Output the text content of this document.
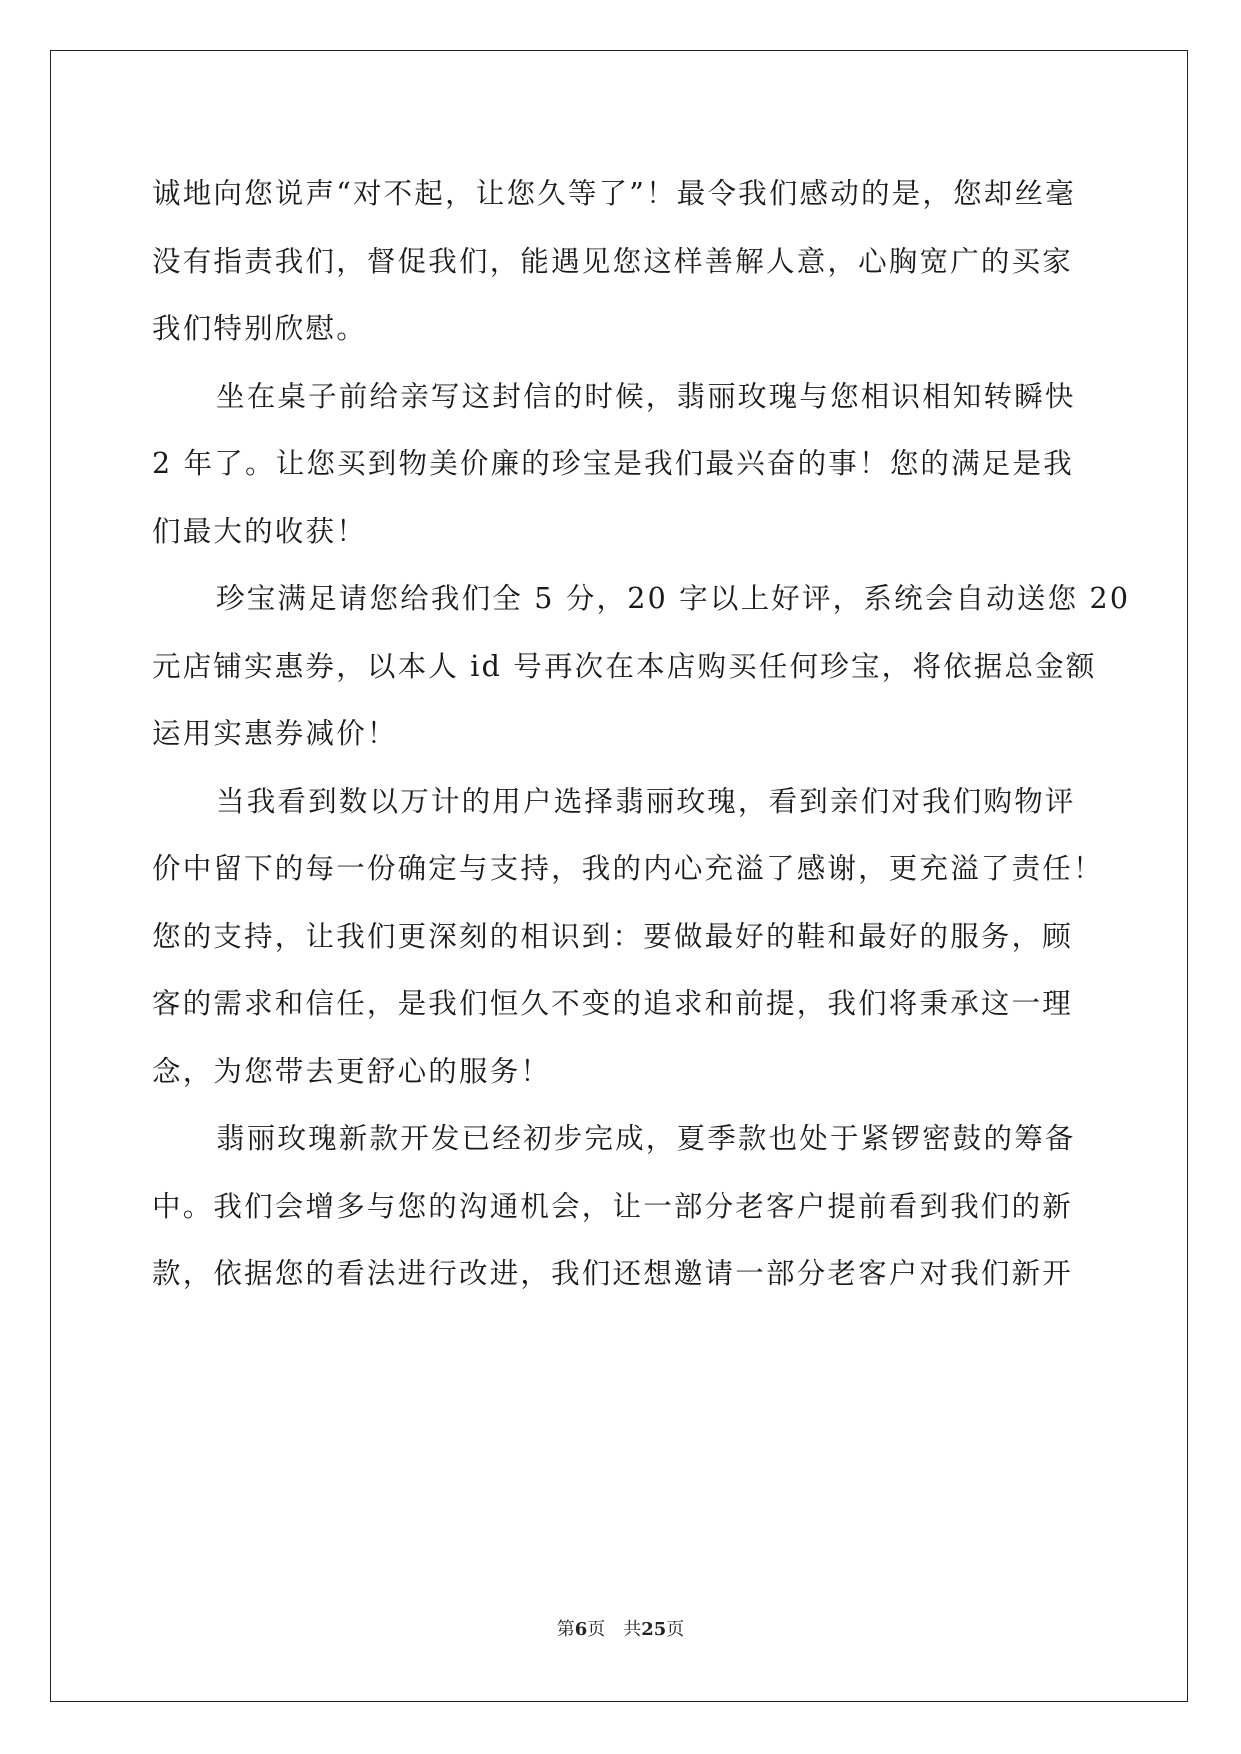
诚地向您说声“对不起，让您久等了”！最令我们感动的是，您却丝毫
没有指责我们，督促我们，能遇见您这样善解人意，心胸宽广的买家
我们特别欣慰。
坐在桌子前给亲写这封信的时候，翡丽玫瑰与您相识相知转瞬快
2 年了。让您买到物美价廉的珍宝是我们最兴奋的事！您的满足是我
们最大的收获！
珍宝满足请您给我们全 5 分，20 字以上好评，系统会自动送您 20
元店铺实惠券，以本人 id 号再次在本店购买任何珍宝，将依据总金额
运用实惠券减价！
当我看到数以万计的用户选择翡丽玫瑰，看到亲们对我们购物评
价中留下的每一份确定与支持，我的内心充溢了感谢，更充溢了责任！
您的支持，让我们更深刻的相识到：要做最好的鞋和最好的服务，顾
客的需求和信任，是我们恒久不变的追求和前提，我们将秉承这一理
念，为您带去更舒心的服务！
翡丽玫瑰新款开发已经初步完成，夏季款也处于紧锣密鼓的筹备
中。我们会增多与您的沟通机会，让一部分老客户提前看到我们的新
款，依据您的看法进行改进，我们还想邀请一部分老客户对我们新开
第6页 共25页
